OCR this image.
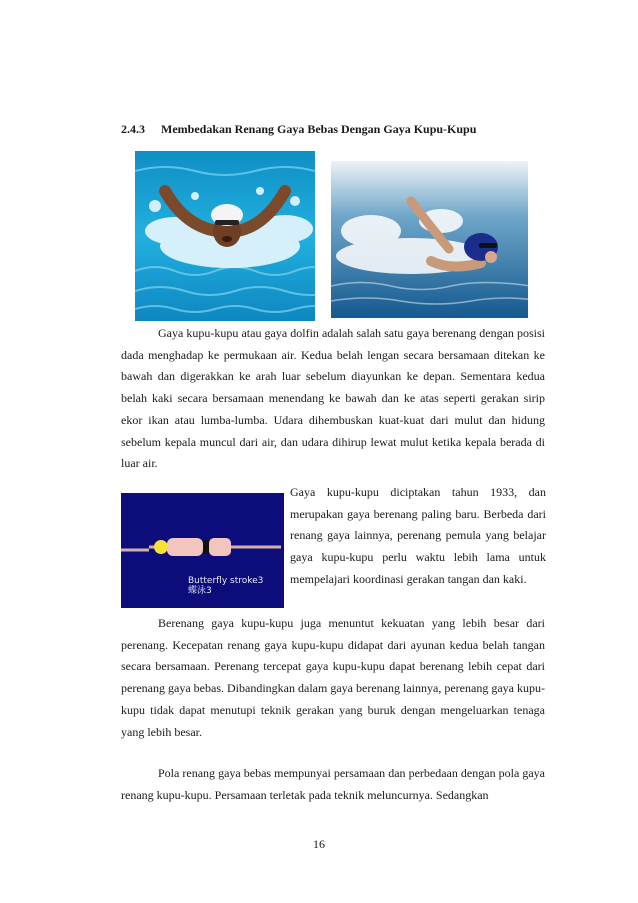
2.4.3 Membedakan Renang Gaya Bebas Dengan Gaya Kupu-Kupu

Gaya kupu-kupu atau gaya dolfin adalah salah satu gaya berenang dengan posisi dada menghadap ke permukaan air. Kedua belah lengan secara bersamaan ditekan ke bawah dan digerakkan ke arah luar sebelum diayunkan ke depan. Sementara kedua belah kaki secara bersamaan menendang ke bawah dan ke atas seperti gerakan sirip ekor ikan atau lumba-lumba. Udara dihembuskan kuat-kuat dari mulut dan hidung sebelum kepala muncul dari air, dan udara dihirup lewat mulut ketika kepala berada di luar air.

Butterfly stroke3
蝶泳3

Gaya kupu-kupu diciptakan tahun 1933, dan merupakan gaya berenang paling baru. Berbeda dari renang gaya lainnya, perenang pemula yang belajar gaya kupu-kupu perlu waktu lebih lama untuk mempelajari koordinasi gerakan tangan dan kaki.

Berenang gaya kupu-kupu juga menuntut kekuatan yang lebih besar dari perenang. Kecepatan renang gaya kupu-kupu didapat dari ayunan kedua belah tangan secara bersamaan. Perenang tercepat gaya kupu-kupu dapat berenang lebih cepat dari perenang gaya bebas. Dibandingkan dalam gaya berenang lainnya, perenang gaya kupu-kupu tidak dapat menutupi teknik gerakan yang buruk dengan mengeluarkan tenaga yang lebih besar.

Pola renang gaya bebas mempunyai persamaan dan perbedaan dengan pola gaya renang kupu-kupu. Persamaan terletak pada teknik meluncurnya. Sedangkan

16
